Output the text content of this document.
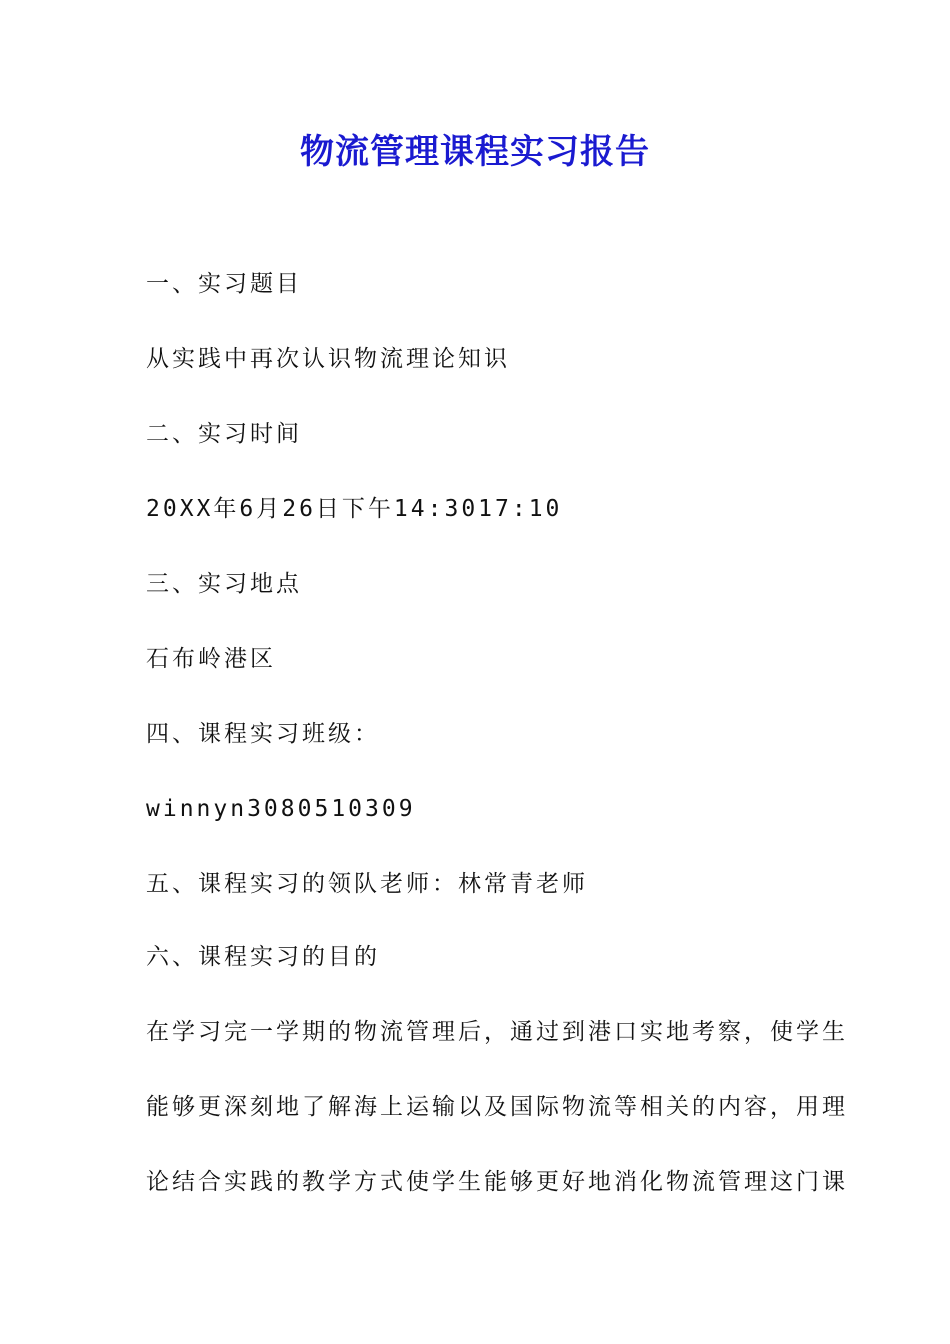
物流管理课程实习报告

一、实习题目

从实践中再次认识物流理论知识

二、实习时间

20XX年6月26日下午14:3017:10

三、实习地点

石布岭港区

四、课程实习班级：

winnyn3080510309

五、课程实习的领队老师：林常青老师

六、课程实习的目的

在学习完一学期的物流管理后，通过到港口实地考察，使学生

能够更深刻地了解海上运输以及国际物流等相关的内容，用理

论结合实践的教学方式使学生能够更好地消化物流管理这门课
